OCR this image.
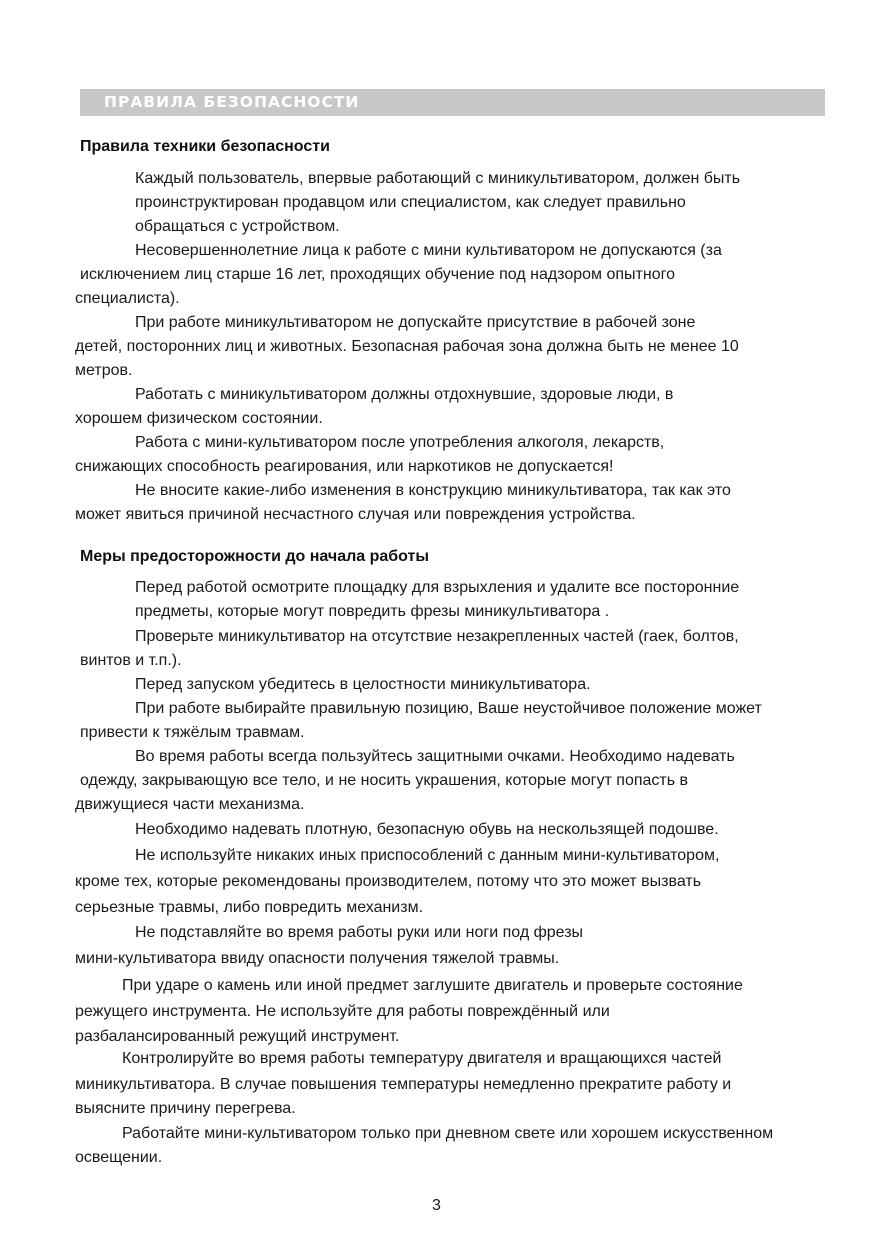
ПРАВИЛА БЕЗОПАСНОСТИ
Правила техники безопасности
Каждый пользователь, впервые работающий с миникультиватором, должен быть
проинструктирован продавцом или специалистом, как следует правильно
обращаться с устройством.
Несовершеннолетние лица к работе с мини культиватором не допускаются (за
исключением лиц старше 16 лет, проходящих обучение под надзором опытного
специалиста).
При работе миникультиватором не допускайте присутствие в рабочей зоне
детей, посторонних лиц и животных. Безопасная рабочая зона должна быть не менее 10
метров.
Работать с миникультиватором должны отдохнувшие, здоровые люди, в
хорошем физическом состоянии.
Работа с мини-культиватором после употребления алкоголя, лекарств,
снижающих способность реагирования, или наркотиков не допускается!
Не вносите какие-либо изменения в конструкцию миникультиватора, так как это
может явиться причиной несчастного случая или повреждения устройства.
Меры предосторожности до начала работы
Перед работой осмотрите площадку для взрыхления и удалите все посторонние
предметы, которые могут повредить фрезы миникультиватора .
Проверьте миникультиватор на отсутствие незакрепленных частей (гаек, болтов,
винтов и т.п.).
Перед запуском убедитесь в целостности миникультиватора.
При работе выбирайте правильную позицию, Ваше неустойчивое положение может
привести к тяжёлым травмам.
Во время работы всегда пользуйтесь защитными очками. Необходимо надевать
одежду, закрывающую все тело, и не носить украшения, которые могут попасть в
движущиеся части механизма.
Необходимо надевать плотную, безопасную обувь на нескользящей подошве.
Не используйте никаких иных приспособлений с данным мини-культиватором,
кроме тех, которые рекомендованы производителем, потому что это может вызвать
серьезные травмы, либо повредить механизм.
Не подставляйте во время работы руки или ноги под фрезы
мини-культиватора ввиду опасности получения тяжелой травмы.
При ударе о камень или иной предмет заглушите двигатель и проверьте состояние
режущего инструмента. Не используйте для работы повреждённый или
разбалансированный режущий инструмент.
Контролируйте во время работы температуру двигателя и вращающихся частей
миникультиватора. В случае повышения температуры немедленно прекратите работу и
выясните причину перегрева.
Работайте мини-культиватором только при дневном свете или хорошем искусственном
освещении.
3
